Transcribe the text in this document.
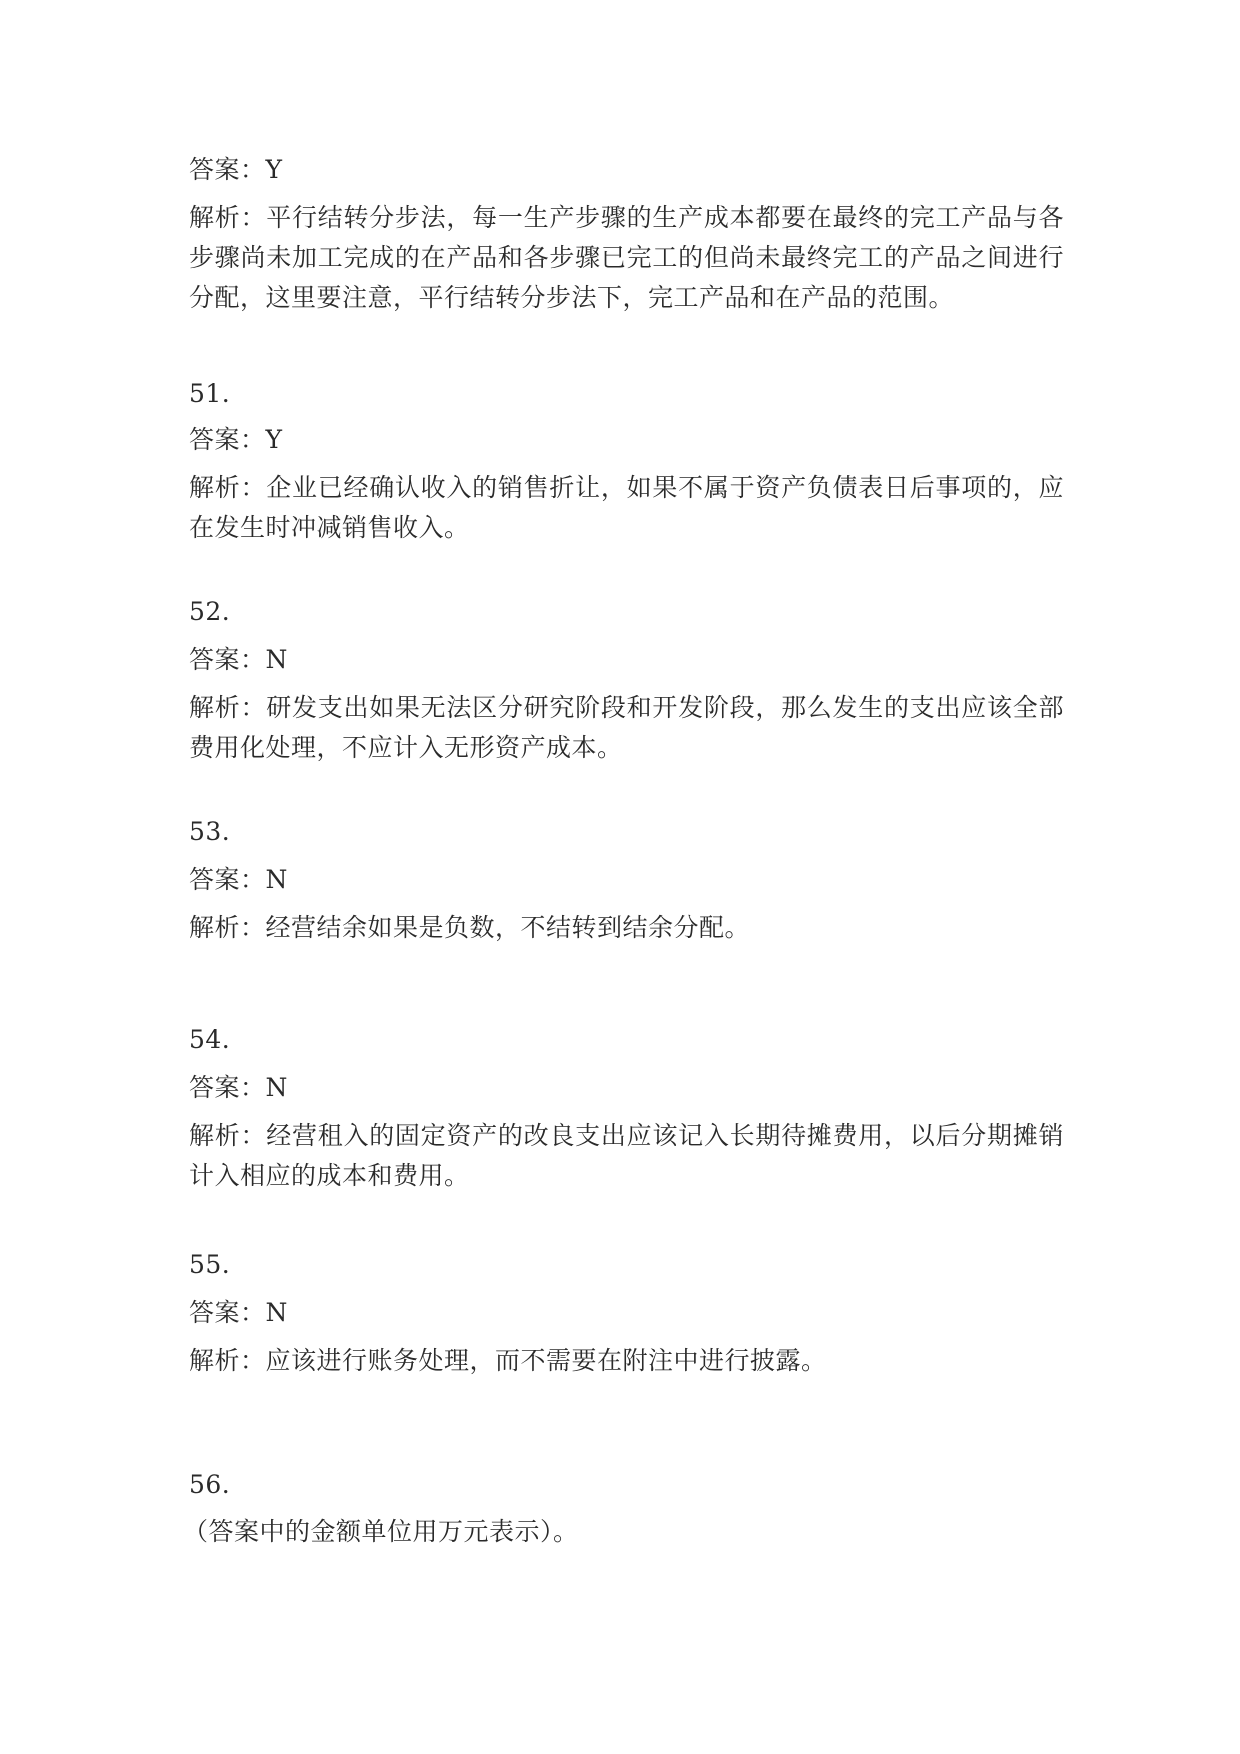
答案：Y
解析：平行结转分步法，每一生产步骤的生产成本都要在最终的完工产品与各步骤尚未加工完成的在产品和各步骤已完工的但尚未最终完工的产品之间进行分配，这里要注意，平行结转分步法下，完工产品和在产品的范围。
51.
答案：Y
解析：企业已经确认收入的销售折让，如果不属于资产负债表日后事项的，应在发生时冲减销售收入。
52.
答案：N
解析：研发支出如果无法区分研究阶段和开发阶段，那么发生的支出应该全部费用化处理，不应计入无形资产成本。
53.
答案：N
解析：经营结余如果是负数，不结转到结余分配。
54.
答案：N
解析：经营租入的固定资产的改良支出应该记入长期待摊费用，以后分期摊销计入相应的成本和费用。
55.
答案：N
解析：应该进行账务处理，而不需要在附注中进行披露。
56.
（答案中的金额单位用万元表示）。
